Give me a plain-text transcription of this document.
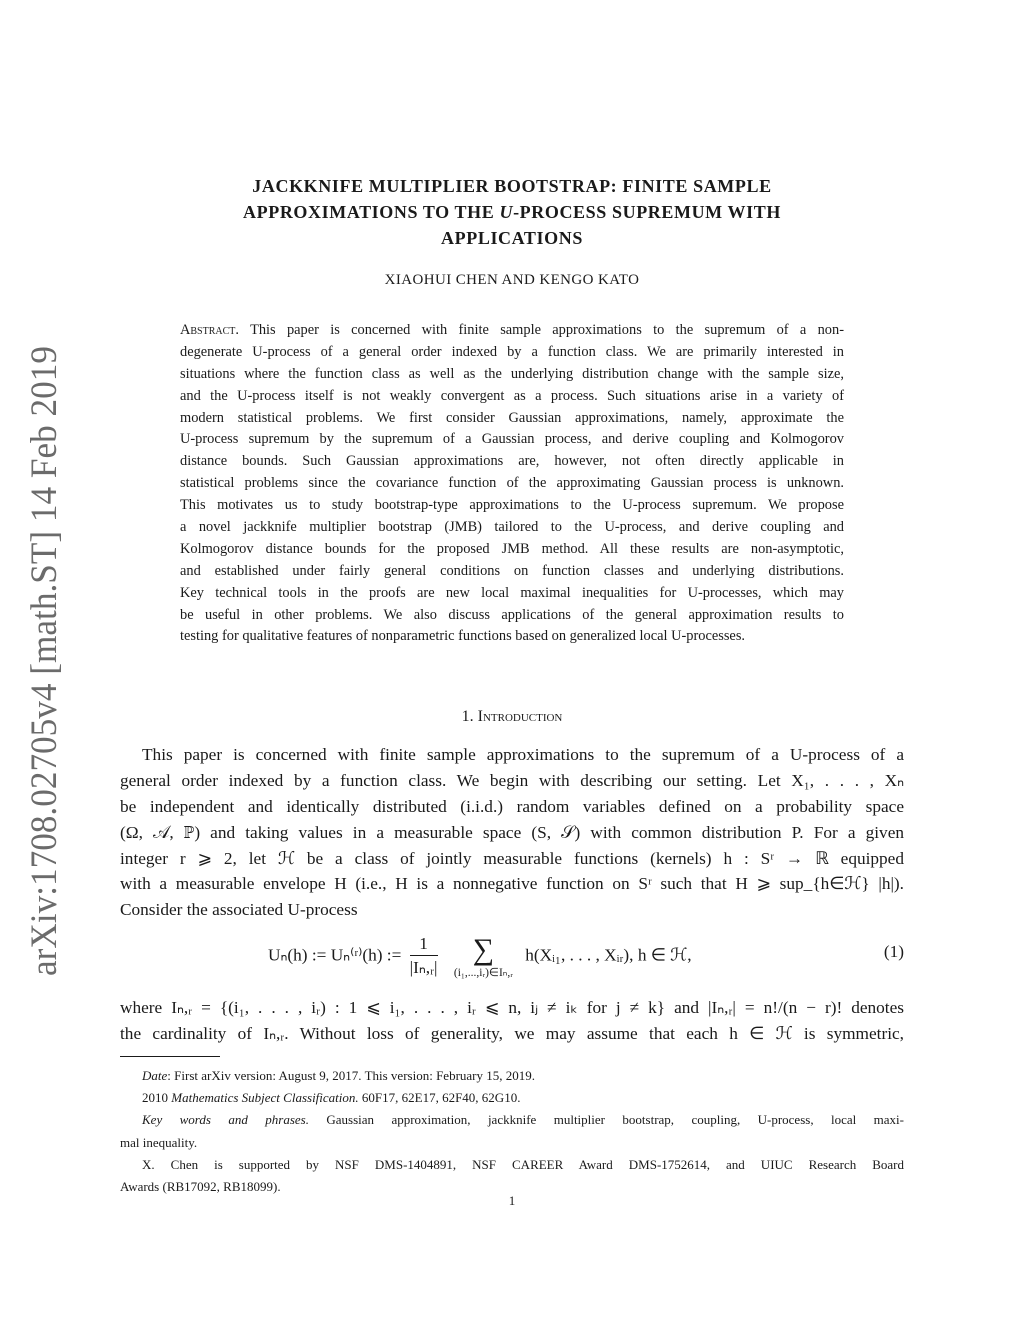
arXiv:1708.02705v4 [math.ST] 14 Feb 2019
JACKKNIFE MULTIPLIER BOOTSTRAP: FINITE SAMPLE
APPROXIMATIONS TO THE U-PROCESS SUPREMUM WITH
APPLICATIONS
XIAOHUI CHEN AND KENGO KATO
Abstract. This paper is concerned with finite sample approximations to the supremum of a non-
degenerate U-process of a general order indexed by a function class. We are primarily interested in
situations where the function class as well as the underlying distribution change with the sample size,
and the U-process itself is not weakly convergent as a process. Such situations arise in a variety of
modern statistical problems. We first consider Gaussian approximations, namely, approximate the
U-process supremum by the supremum of a Gaussian process, and derive coupling and Kolmogorov
distance bounds. Such Gaussian approximations are, however, not often directly applicable in
statistical problems since the covariance function of the approximating Gaussian process is unknown.
This motivates us to study bootstrap-type approximations to the U-process supremum. We propose
a novel jackknife multiplier bootstrap (JMB) tailored to the U-process, and derive coupling and
Kolmogorov distance bounds for the proposed JMB method. All these results are non-asymptotic,
and established under fairly general conditions on function classes and underlying distributions.
Key technical tools in the proofs are new local maximal inequalities for U-processes, which may
be useful in other problems. We also discuss applications of the general approximation results to
testing for qualitative features of nonparametric functions based on generalized local U-processes.
1. Introduction
This paper is concerned with finite sample approximations to the supremum of a U-process of a
general order indexed by a function class. We begin with describing our setting. Let X₁, . . . , Xₙ
be independent and identically distributed (i.i.d.) random variables defined on a probability space
(Ω, 𝒜, ℙ) and taking values in a measurable space (S, 𝒮) with common distribution P. For a given
integer r ⩾ 2, let ℋ be a class of jointly measurable functions (kernels) h : Sʳ → ℝ equipped
with a measurable envelope H (i.e., H is a nonnegative function on Sʳ such that H ⩾ sup_{h∈ℋ} |h|).
Consider the associated U-process
Uₙ(h) := Uₙ⁽ʳ⁾(h) := $\frac{1}{\text{|Iₙ,ᵣ|}}$
	∑
(i₁,...,iᵣ)∈Iₙ,ᵣ
h(Xᵢ₁, . . . , Xᵢᵣ), h ∈ ℋ,	(1)
where Iₙ,ᵣ = {(i₁, . . . , iᵣ) : 1 ⩽ i₁, . . . , iᵣ ⩽ n, iⱼ ≠ iₖ for j ≠ k} and |Iₙ,ᵣ| = n!/(n − r)! denotes
the cardinality of Iₙ,ᵣ. Without loss of generality, we may assume that each h ∈ ℋ is symmetric,
Date: First arXiv version: August 9, 2017. This version: February 15, 2019.
2010 Mathematics Subject Classification. 60F17, 62E17, 62F40, 62G10.
Key words and phrases. Gaussian approximation, jackknife multiplier bootstrap, coupling, U-process, local maxi-
mal inequality.
X. Chen is supported by NSF DMS-1404891, NSF CAREER Award DMS-1752614, and UIUC Research Board
Awards (RB17092, RB18099).
1
